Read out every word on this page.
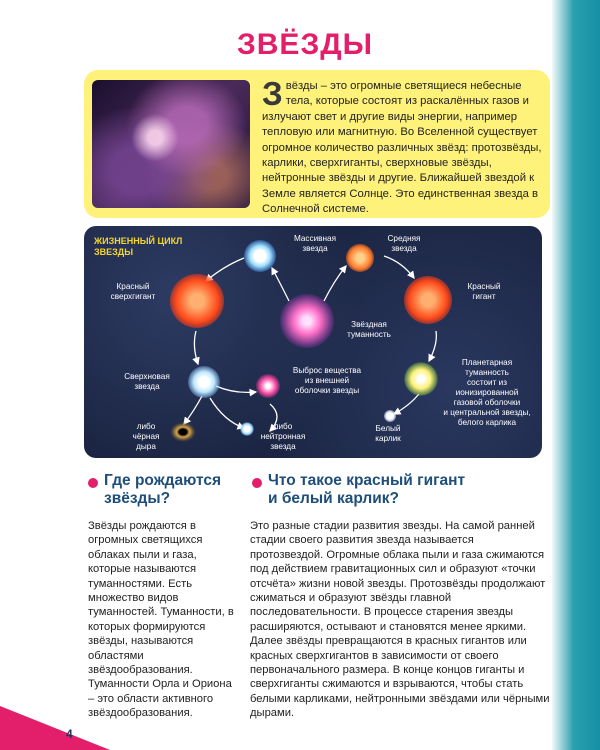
ЗВЁЗДЫ
Звёзды – это огромные светящиеся небесные тела, которые состоят из раскалённых газов и излучают свет и другие виды энергии, например тепловую или магнитную. Во Вселенной существует огромное количество различных звёзд: протозвёзды, карлики, сверхгиганты, сверхновые звёзды, нейтронные звёзды и другие. Ближайшей звездой к Земле является Солнце. Это единственная звезда в Солнечной системе.
ЖИЗНЕННЫЙ ЦИКЛ
ЗВЕЗДЫ
Массивная
звезда
Средняя
звезда
Красный
сверхгигант
Красный
гигант
Звёздная
туманность
Сверхновая
звезда
Выброс вещества
из внешней
оболочки звезды
Планетарная
туманность
состоит из
ионизированной
газовой оболочки
и центральной звезды,
белого карлика
Белый
карлик
либо
чёрная
дыра
либо
нейтронная
звезда
Где рождаются
звёзды?
Звёзды рождаются в огромных светящихся облаках пыли и газа, которые называются туманностями. Есть множество видов туманностей. Туманности, в которых формируются звёзды, называются областями звёздообразования. Туманности Орла и Ориона – это области активного звёздообразования.
Что такое красный гигант
и белый карлик?
Это разные стадии развития звезды. На самой ранней стадии своего развития звезда называется протозвездой. Огромные облака пыли и газа сжимаются под действием гравитационных сил и образуют «точки отсчёта» жизни новой звезды. Протозвёзды продолжают сжиматься и образуют звёзды главной последовательности. В процессе старения звезды расширяются, остывают и становятся менее яркими. Далее звёзды превращаются в красных гигантов или красных сверхгигантов в зависимости от своего первоначального размера. В конце концов гиганты и сверхгиганты сжимаются и взрываются, чтобы стать белыми карликами, нейтронными звёздами или чёрными дырами.
4
